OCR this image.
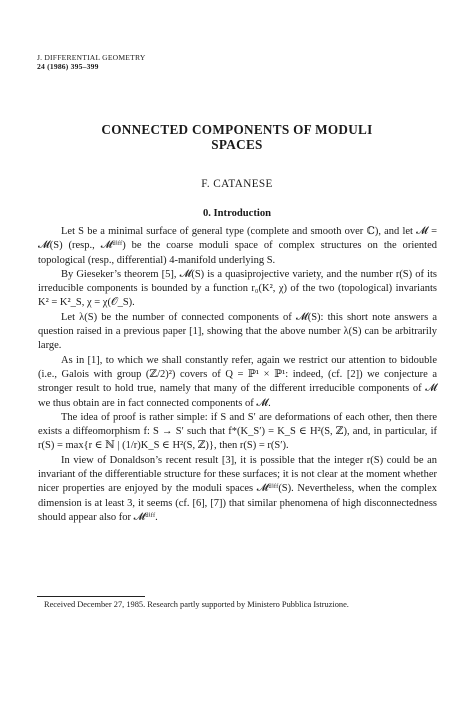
J. DIFFERENTIAL GEOMETRY
24 (1986) 395–399
CONNECTED COMPONENTS OF MODULI
SPACES
F. CATANESE
0. Introduction

Let S be a minimal surface of general type (complete and smooth over ℂ), and let 𝓜 = 𝓜(S) (resp., 𝓜ᵈⁱᶠᶠ) be the coarse moduli space of complex structures on the oriented topological (resp., differential) 4-manifold underlying S.

By Gieseker’s theorem [5], 𝓜(S) is a quasiprojective variety, and the number r(S) of its irreducible components is bounded by a function r₀(K², χ) of the two (topological) invariants K² = K²_S, χ = χ(𝒪_S).

Let λ(S) be the number of connected components of 𝓜(S): this short note answers a question raised in a previous paper [1], showing that the above number λ(S) can be arbitrarily large.

As in [1], to which we shall constantly refer, again we restrict our attention to bidouble (i.e., Galois with group (ℤ/2)²) covers of Q = ℙ¹ × ℙ¹: indeed, (cf. [2]) we conjecture a stronger result to hold true, namely that many of the different irreducible components of 𝓜 we thus obtain are in fact connected components of 𝓜.

The idea of proof is rather simple: if S and S′ are deformations of each other, then there exists a diffeomorphism f: S → S′ such that f*(K_S′) = K_S ∈ H²(S, ℤ), and, in particular, if r(S) = max{r ∈ ℕ | (1/r)K_S ∈ H²(S, ℤ)}, then r(S) = r(S′).

In view of Donaldson’s recent result [3], it is possible that the integer r(S) could be an invariant of the differentiable structure for these surfaces; it is not clear at the moment whether nicer properties are enjoyed by the moduli spaces 𝓜ᵈⁱᶠᶠ(S). Nevertheless, when the complex dimension is at least 3, it seems (cf. [6], [7]) that similar phenomena of high disconnectedness should appear also for 𝓜ᵈⁱᶠᶠ.

Received December 27, 1985. Research partly supported by Ministero Pubblica Istruzione.
